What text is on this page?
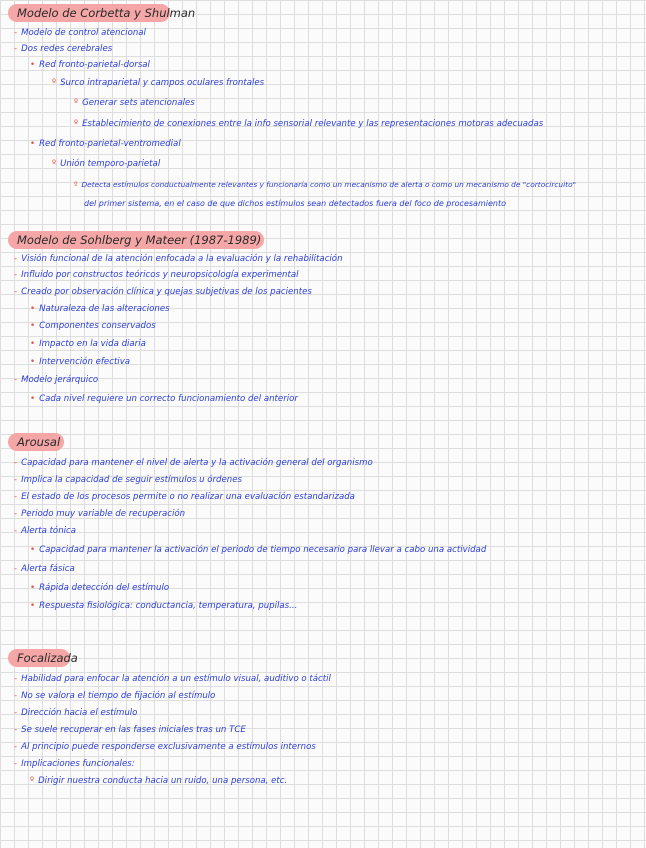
Modelo de Corbetta y Shulman
- Modelo de control atencional
- Dos redes cerebrales
• Red fronto-parietal-dorsal
º Surco intraparietal y campos oculares frontales
º Generar sets atencionales
º Establecimiento de conexiones entre la info sensorial relevante y las representaciones motoras adecuadas
• Red fronto-parietal-ventromedial
º Unión temporo-parietal
º Detecta estímulos conductualmente relevantes y funcionaría como un mecanismo de alerta o como un mecanismo de "cortocircuito"
del primer sistema, en el caso de que dichos estímulos sean detectados fuera del foco de procesamiento
Modelo de Sohlberg y Mateer (1987-1989)
- Visión funcional de la atención enfocada a la evaluación y la rehabilitación
- Influido por constructos teóricos y neuropsicología experimental
- Creado por observación clínica y quejas subjetivas de los pacientes
• Naturaleza de las alteraciones
• Componentes conservados
• Impacto en la vida diaria
• Intervención efectiva
- Modelo jerárquico
• Cada nivel requiere un correcto funcionamiento del anterior
Arousal
- Capacidad para mantener el nivel de alerta y la activación general del organismo
- Implica la capacidad de seguir estímulos u órdenes
- El estado de los procesos permite o no realizar una evaluación estandarizada
- Periodo muy variable de recuperación
- Alerta tónica
• Capacidad para mantener la activación el periodo de tiempo necesario para llevar a cabo una actividad
- Alerta fásica
• Rápida detección del estímulo
• Respuesta fisiológica: conductancia, temperatura, pupilas...
Focalizada
- Habilidad para enfocar la atención a un estímulo visual, auditivo o táctil
- No se valora el tiempo de fijación al estímulo
- Dirección hacia el estímulo
- Se suele recuperar en las fases iniciales tras un TCE
- Al principio puede responderse exclusivamente a estímulos internos
- Implicaciones funcionales:
º Dirigir nuestra conducta hacia un ruido, una persona, etc.
